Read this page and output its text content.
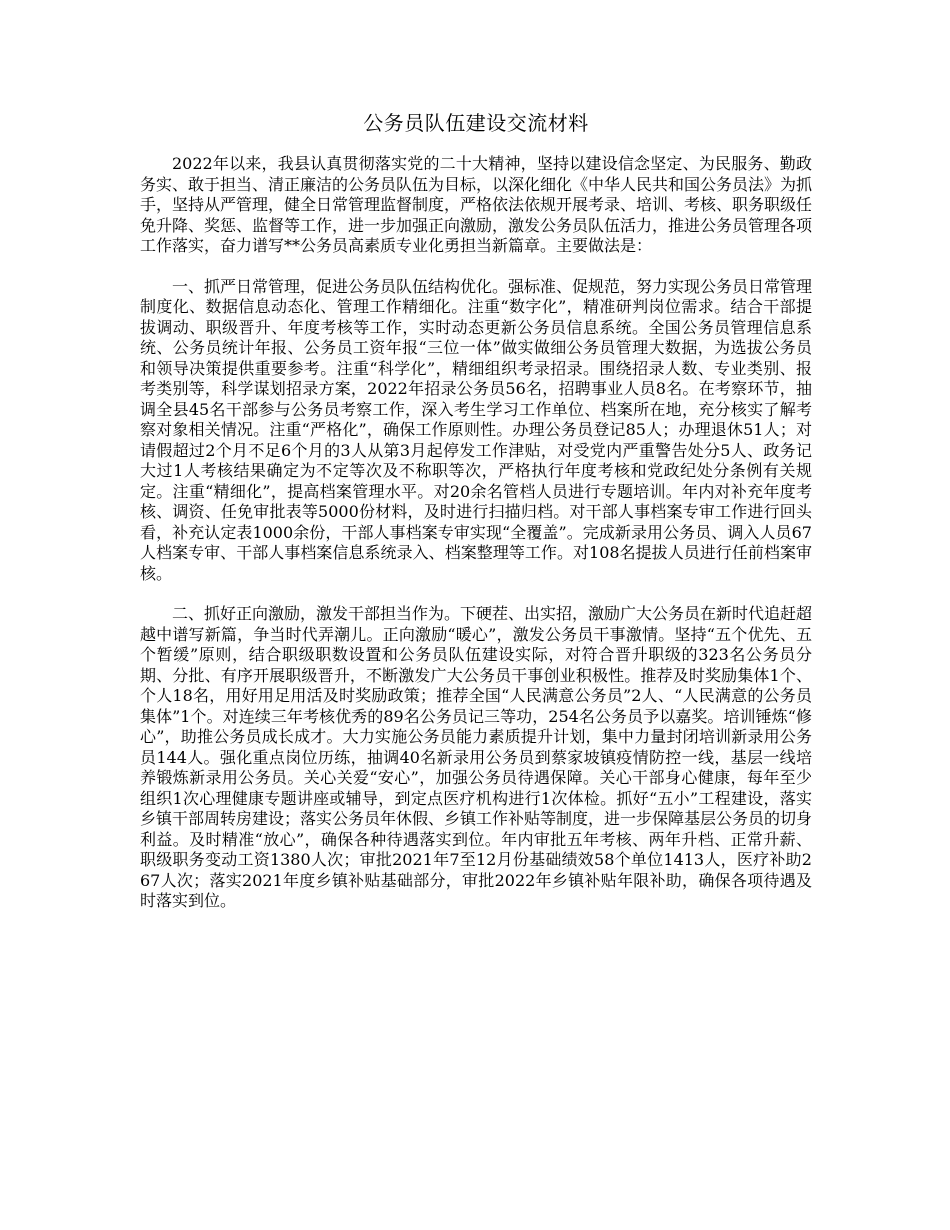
公务员队伍建设交流材料

2022年以来，我县认真贯彻落实党的二十大精神，坚持以建设信念坚定、为民服务、勤政务实、敢于担当、清正廉洁的公务员队伍为目标，以深化细化《中华人民共和国公务员法》为抓手，坚持从严管理，健全日常管理监督制度，严格依法依规开展考录、培训、考核、职务职级任免升降、奖惩、监督等工作，进一步加强正向激励，激发公务员队伍活力，推进公务员管理各项工作落实，奋力谱写**公务员高素质专业化勇担当新篇章。主要做法是：

一、抓严日常管理，促进公务员队伍结构优化。强标准、促规范，努力实现公务员日常管理制度化、数据信息动态化、管理工作精细化。注重“数字化”，精准研判岗位需求。结合干部提拔调动、职级晋升、年度考核等工作，实时动态更新公务员信息系统。全国公务员管理信息系统、公务员统计年报、公务员工资年报“三位一体”做实做细公务员管理大数据，为选拔公务员和领导决策提供重要参考。注重“科学化”，精细组织考录招录。围绕招录人数、专业类别、报考类别等，科学谋划招录方案，2022年招录公务员56名，招聘事业人员8名。在考察环节，抽调全县45名干部参与公务员考察工作，深入考生学习工作单位、档案所在地，充分核实了解考察对象相关情况。注重“严格化”，确保工作原则性。办理公务员登记85人；办理退休51人；对请假超过2个月不足6个月的3人从第3月起停发工作津贴，对受党内严重警告处分5人、政务记大过1人考核结果确定为不定等次及不称职等次，严格执行年度考核和党政纪处分条例有关规定。注重“精细化”，提高档案管理水平。对20余名管档人员进行专题培训。年内对补充年度考核、调资、任免审批表等5000份材料，及时进行扫描归档。对干部人事档案专审工作进行回头看，补充认定表1000余份，干部人事档案专审实现“全覆盖”。完成新录用公务员、调入人员67人档案专审、干部人事档案信息系统录入、档案整理等工作。对108名提拔人员进行任前档案审核。

二、抓好正向激励，激发干部担当作为。下硬茬、出实招，激励广大公务员在新时代追赶超越中谱写新篇，争当时代弄潮儿。正向激励“暖心”，激发公务员干事激情。坚持“五个优先、五个暂缓”原则，结合职级职数设置和公务员队伍建设实际，对符合晋升职级的323名公务员分期、分批、有序开展职级晋升，不断激发广大公务员干事创业积极性。推荐及时奖励集体1个、个人18名，用好用足用活及时奖励政策；推荐全国“人民满意公务员”2人、“人民满意的公务员集体”1个。对连续三年考核优秀的89名公务员记三等功，254名公务员予以嘉奖。培训锤炼“修心”，助推公务员成长成才。大力实施公务员能力素质提升计划，集中力量封闭培训新录用公务员144人。强化重点岗位历练，抽调40名新录用公务员到蔡家坡镇疫情防控一线，基层一线培养锻炼新录用公务员。关心关爱“安心”，加强公务员待遇保障。关心干部身心健康，每年至少组织1次心理健康专题讲座或辅导，到定点医疗机构进行1次体检。抓好“五小”工程建设，落实乡镇干部周转房建设；落实公务员年休假、乡镇工作补贴等制度，进一步保障基层公务员的切身利益。及时精准“放心”，确保各种待遇落实到位。年内审批五年考核、两年升档、正常升薪、职级职务变动工资1380人次；审批2021年7至12月份基础绩效58个单位1413人，医疗补助267人次；落实2021年度乡镇补贴基础部分，审批2022年乡镇补贴年限补助，确保各项待遇及时落实到位。
